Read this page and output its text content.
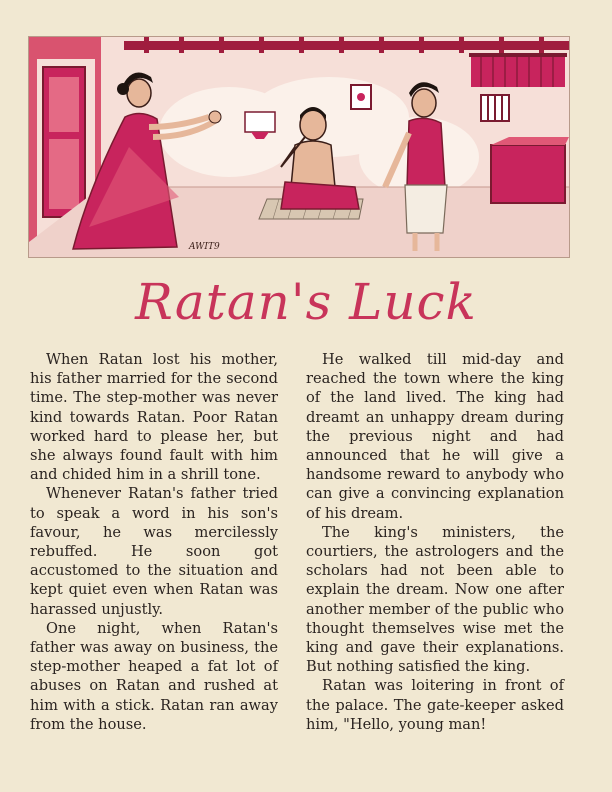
AWIT9
Ratan's Luck

When Ratan lost his mother, his father married for the second time. The step-mother was never kind towards Ratan. Poor Ratan worked hard to please her, but she always found fault with him and chided him in a shrill tone.

Whenever Ratan's father tried to speak a word in his son's favour, he was mercilessly rebuffed. He soon got accustomed to the situation and kept quiet even when Ratan was harassed unjustly.

One night, when Ratan's father was away on business, the step-mother heaped a fat lot of abuses on Ratan and rushed at him with a stick. Ratan ran away from the house.

He walked till mid-day and reached the town where the king of the land lived. The king had dreamt an unhappy dream during the previous night and had announced that he will give a handsome reward to anybody who can give a convincing explanation of his dream.

The king's ministers, the courtiers, the astrologers and the scholars had not been able to explain the dream. Now one after another member of the public who thought themselves wise met the king and gave their explanations. But nothing satisfied the king.

Ratan was loitering in front of the palace. The gate-keeper asked him, "Hello, young man!
